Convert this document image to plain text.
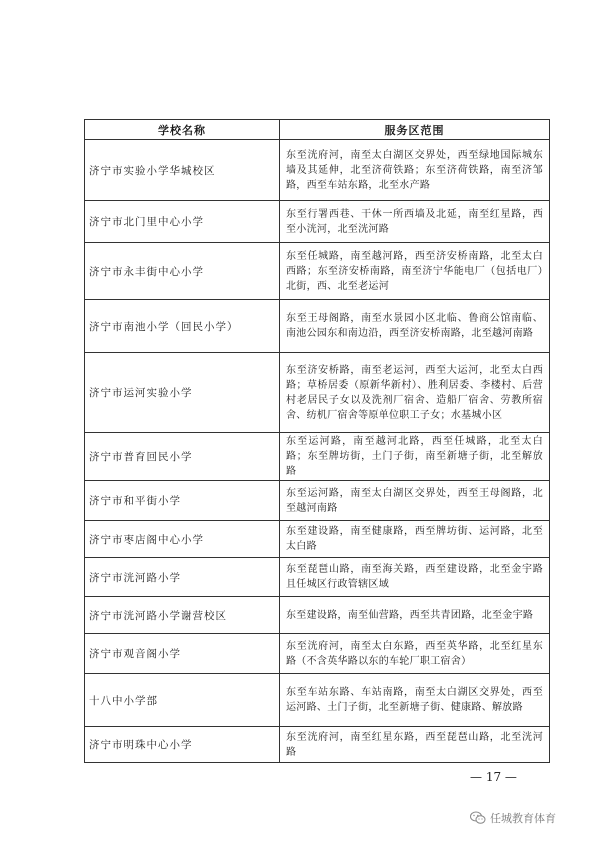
学校名称	服务区范围
济宁市实验小学华城校区	东至洸府河，南至太白湖区交界处，西至绿地国际城东墙及其延伸，北至济荷铁路；东至济荷铁路，南至济邹路，西至车站东路，北至水产路
济宁市北门里中心小学	东至行署西巷、干休一所西墙及北延，南至红星路，西至小洸河，北至洸河路
济宁市永丰街中心小学	东至任城路，南至越河路，西至济安桥南路，北至太白西路；东至济安桥南路，南至济宁华能电厂（包括电厂）北街，西、北至老运河
济宁市南池小学（回民小学）	东至王母阁路，南至水景园小区北临、鲁商公馆南临、南池公园东和南边沿，西至济安桥南路，北至越河南路
济宁市运河实验小学	东至济安桥路，南至老运河，西至大运河，北至太白西路；草桥居委（原新华新村）、胜利居委、李楼村、后营村老居民子女以及洗剂厂宿舍、造船厂宿舍、劳教所宿舍、纺机厂宿舍等原单位职工子女；水基城小区
济宁市普育回民小学	东至运河路，南至越河北路，西至任城路，北至太白路；东至牌坊街，土门子街，南至新塘子街，北至解放路
济宁市和平街小学	东至运河路，南至太白湖区交界处，西至王母阁路，北至越河南路
济宁市枣店阁中心小学	东至建设路，南至健康路，西至牌坊街、运河路，北至太白路
济宁市洸河路小学	东至琵琶山路，南至海关路，西至建设路，北至金宇路且任城区行政管辖区域
济宁市洸河路小学谢营校区	东至建设路，南至仙营路，西至共青团路，北至金宇路
济宁市观音阁小学	东至洸府河，南至太白东路，西至英华路，北至红星东路（不含英华路以东的车轮厂职工宿舍）
十八中小学部	东至车站东路、车站南路，南至太白湖区交界处，西至运河路、土门子街，北至新塘子街、健康路、解放路
济宁市明珠中心小学	东至洸府河，南至红星东路，西至琵琶山路，北至洸河路
— 17 —
任城教育体育
